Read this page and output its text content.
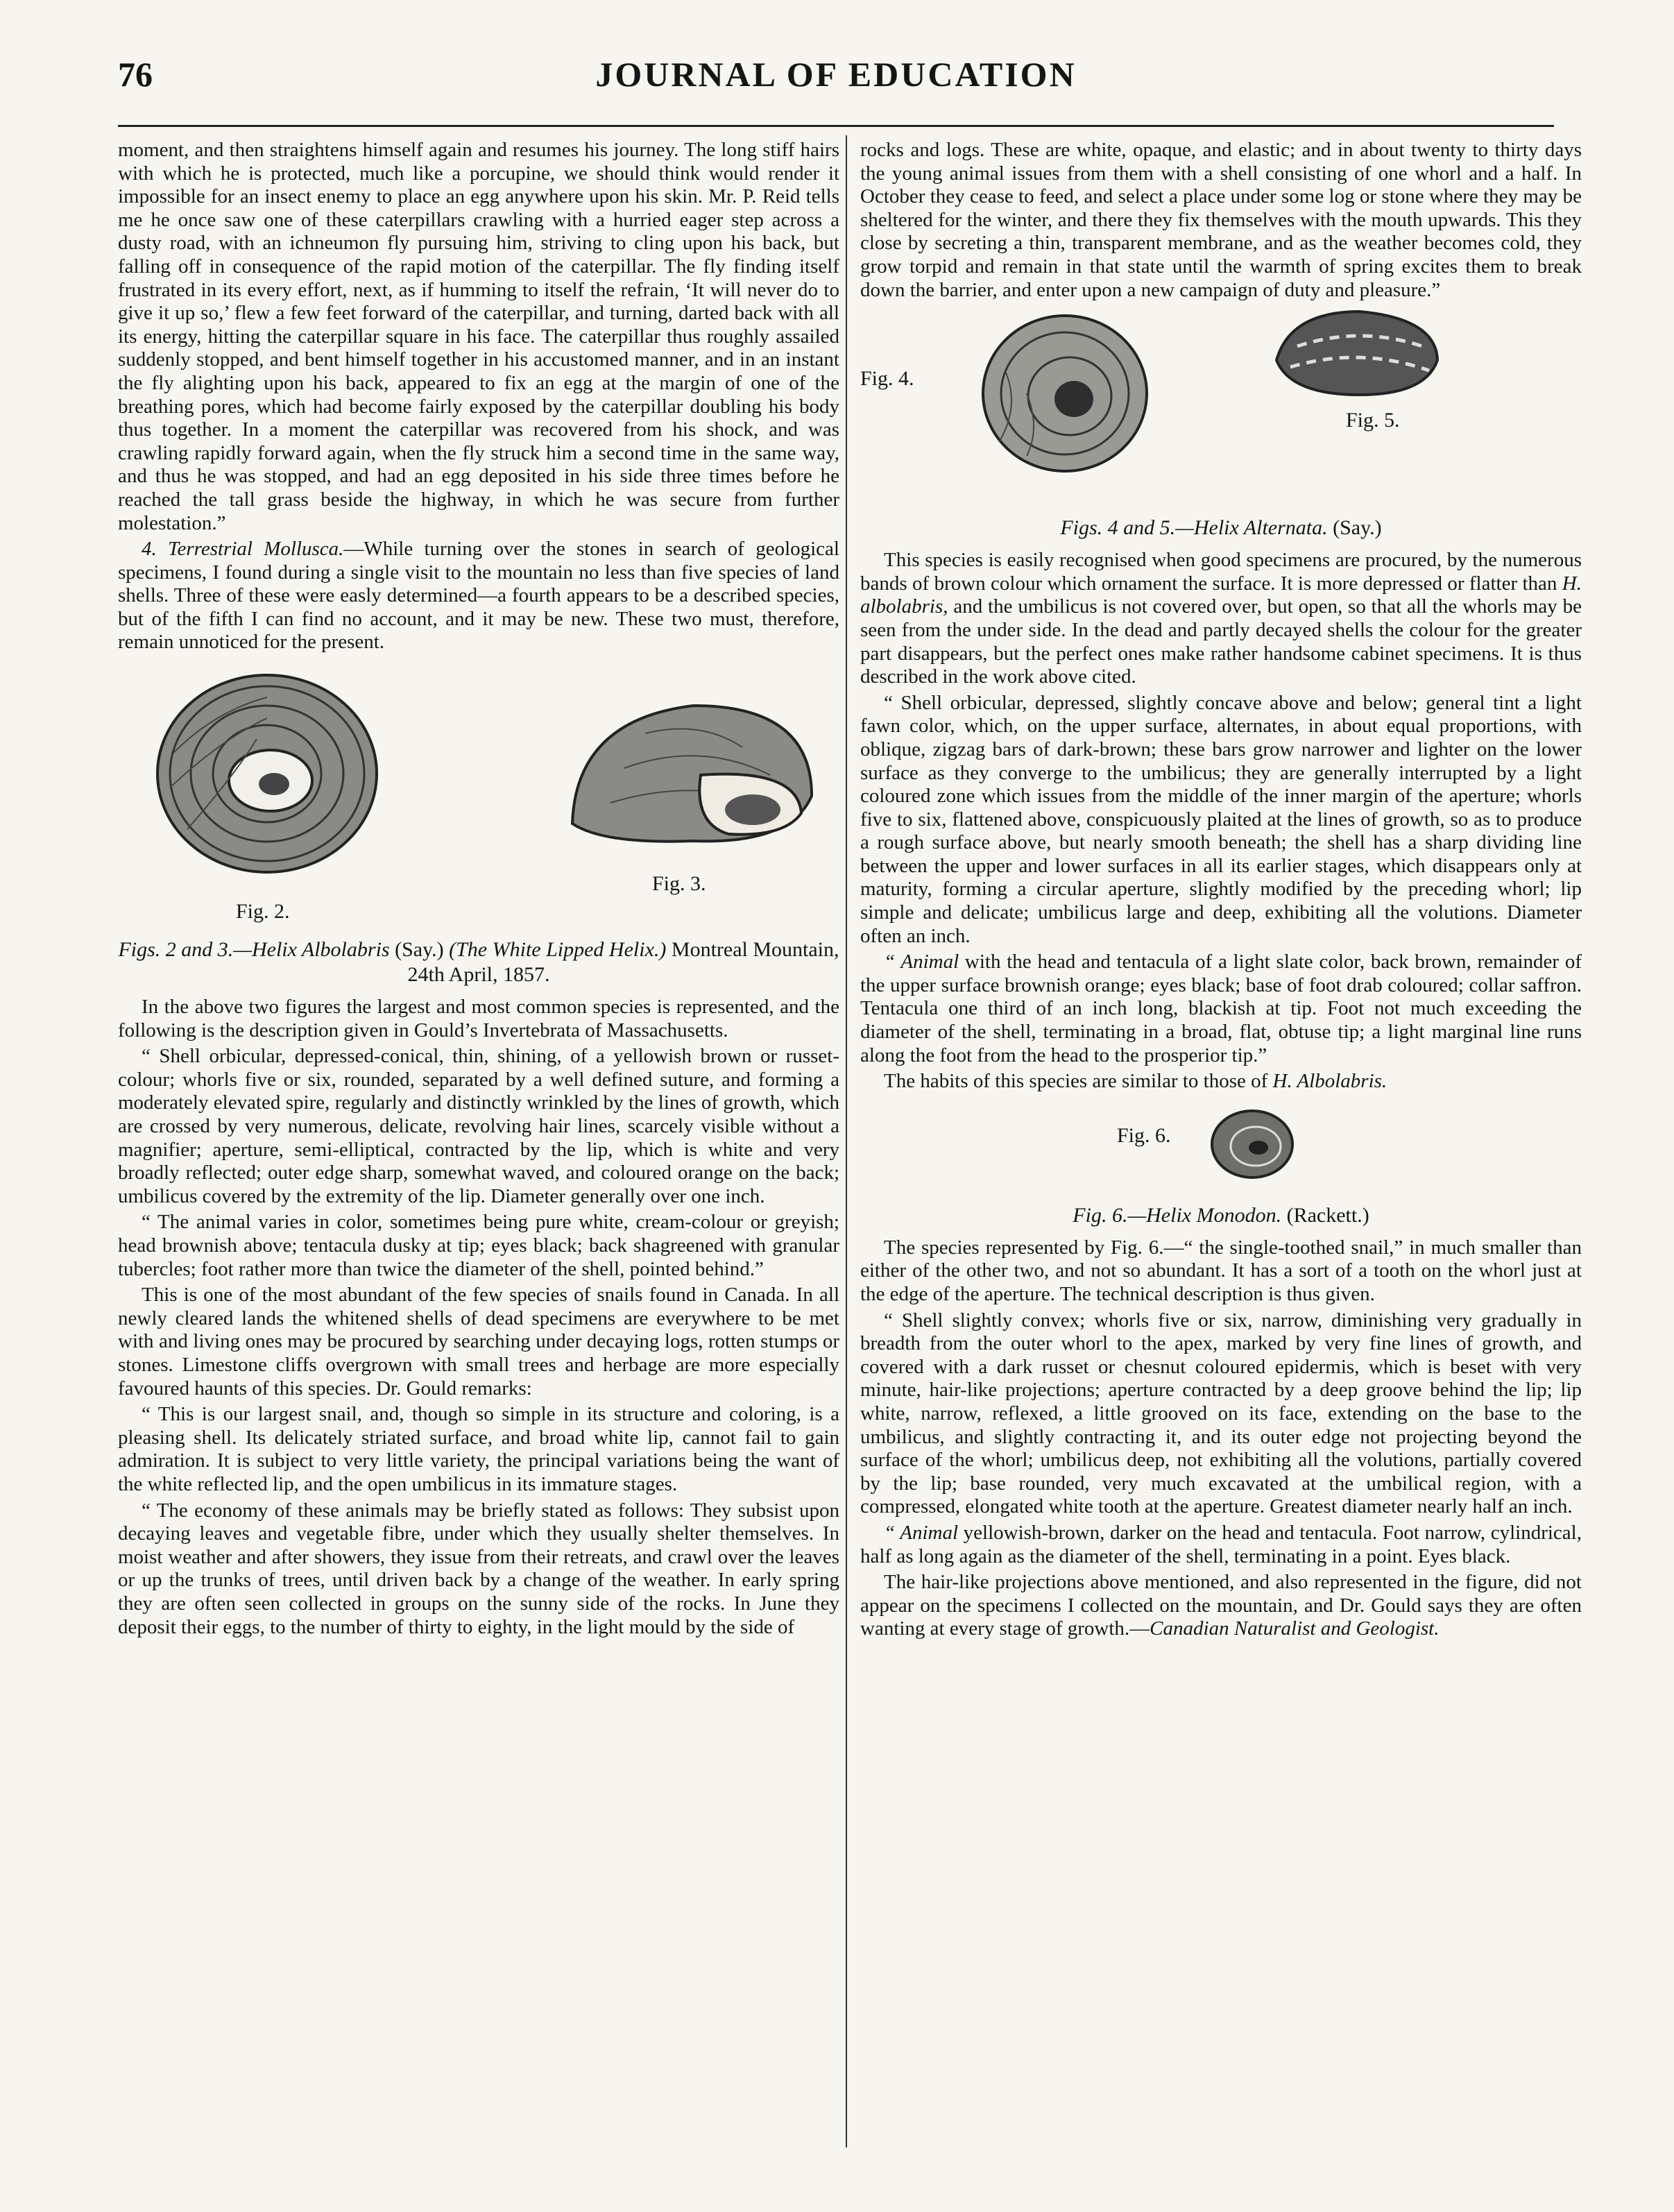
76	JOURNAL OF EDUCATION

moment, and then straightens himself again and resumes his journey. The long stiff hairs with which he is protected, much like a porcupine, we should think would render it impossible for an insect enemy to place an egg anywhere upon his skin. Mr. P. Reid tells me he once saw one of these caterpillars crawling with a hurried eager step across a dusty road, with an ichneumon fly pursuing him, striving to cling upon his back, but falling off in consequence of the rapid motion of the caterpillar. The fly finding itself frustrated in its every effort, next, as if humming to itself the refrain, ‘It will never do to give it up so,’ flew a few feet forward of the caterpillar, and turning, darted back with all its energy, hitting the caterpillar square in his face. The caterpillar thus roughly assailed suddenly stopped, and bent himself together in his accustomed manner, and in an instant the fly alighting upon his back, appeared to fix an egg at the margin of one of the breathing pores, which had become fairly exposed by the caterpillar doubling his body thus together. In a moment the caterpillar was recovered from his shock, and was crawling rapidly forward again, when the fly struck him a second time in the same way, and thus he was stopped, and had an egg deposited in his side three times before he reached the tall grass beside the highway, in which he was secure from further molestation.”

4. Terrestrial Mollusca.—While turning over the stones in search of geological specimens, I found during a single visit to the mountain no less than five species of land shells. Three of these were easly determined—a fourth appears to be a described species, but of the fifth I can find no account, and it may be new. These two must, therefore, remain unnoticed for the present.

Fig. 3.
Fig. 2.

Figs. 2 and 3.—Helix Albolabris (Say.) (The White Lipped Helix.) Montreal Mountain, 24th April, 1857.

In the above two figures the largest and most common species is represented, and the following is the description given in Gould’s Invertebrata of Massachusetts.

“ Shell orbicular, depressed-conical, thin, shining, of a yellowish brown or russet-colour; whorls five or six, rounded, separated by a well defined suture, and forming a moderately elevated spire, regularly and distinctly wrinkled by the lines of growth, which are crossed by very numerous, delicate, revolving hair lines, scarcely visible without a magnifier; aperture, semi-elliptical, contracted by the lip, which is white and very broadly reflected; outer edge sharp, somewhat waved, and coloured orange on the back; umbilicus covered by the extremity of the lip. Diameter generally over one inch.

“ The animal varies in color, sometimes being pure white, cream-colour or greyish; head brownish above; tentacula dusky at tip; eyes black; back shagreened with granular tubercles; foot rather more than twice the diameter of the shell, pointed behind.”

This is one of the most abundant of the few species of snails found in Canada. In all newly cleared lands the whitened shells of dead specimens are everywhere to be met with and living ones may be procured by searching under decaying logs, rotten stumps or stones. Limestone cliffs overgrown with small trees and herbage are more especially favoured haunts of this species. Dr. Gould remarks:

“ This is our largest snail, and, though so simple in its structure and coloring, is a pleasing shell. Its delicately striated surface, and broad white lip, cannot fail to gain admiration. It is subject to very little variety, the principal variations being the want of the white reflected lip, and the open umbilicus in its immature stages.

“ The economy of these animals may be briefly stated as follows: They subsist upon decaying leaves and vegetable fibre, under which they usually shelter themselves. In moist weather and after showers, they issue from their retreats, and crawl over the leaves or up the trunks of trees, until driven back by a change of the weather. In early spring they are often seen collected in groups on the sunny side of the rocks. In June they deposit their eggs, to the number of thirty to eighty, in the light mould by the side of

rocks and logs. These are white, opaque, and elastic; and in about twenty to thirty days the young animal issues from them with a shell consisting of one whorl and a half. In October they cease to feed, and select a place under some log or stone where they may be sheltered for the winter, and there they fix themselves with the mouth upwards. This they close by secreting a thin, transparent membrane, and as the weather becomes cold, they grow torpid and remain in that state until the warmth of spring excites them to break down the barrier, and enter upon a new campaign of duty and pleasure.”

Fig. 4.
Fig. 5.

Figs. 4 and 5.—Helix Alternata. (Say.)

This species is easily recognised when good specimens are procured, by the numerous bands of brown colour which ornament the surface. It is more depressed or flatter than H. albolabris, and the umbilicus is not covered over, but open, so that all the whorls may be seen from the under side. In the dead and partly decayed shells the colour for the greater part disappears, but the perfect ones make rather handsome cabinet specimens. It is thus described in the work above cited.

“ Shell orbicular, depressed, slightly concave above and below; general tint a light fawn color, which, on the upper surface, alternates, in about equal proportions, with oblique, zigzag bars of dark-brown; these bars grow narrower and lighter on the lower surface as they converge to the umbilicus; they are generally interrupted by a light coloured zone which issues from the middle of the inner margin of the aperture; whorls five to six, flattened above, conspicuously plaited at the lines of growth, so as to produce a rough surface above, but nearly smooth beneath; the shell has a sharp dividing line between the upper and lower surfaces in all its earlier stages, which disappears only at maturity, forming a circular aperture, slightly modified by the preceding whorl; lip simple and delicate; umbilicus large and deep, exhibiting all the volutions. Diameter often an inch.

“ Animal with the head and tentacula of a light slate color, back brown, remainder of the upper surface brownish orange; eyes black; base of foot drab coloured; collar saffron. Tentacula one third of an inch long, blackish at tip. Foot not much exceeding the diameter of the shell, terminating in a broad, flat, obtuse tip; a light marginal line runs along the foot from the head to the prosperior tip.”

The habits of this species are similar to those of H. Albolabris.

Fig. 6.

Fig. 6.—Helix Monodon. (Rackett.)

The species represented by Fig. 6.—“ the single-toothed snail,” in much smaller than either of the other two, and not so abundant. It has a sort of a tooth on the whorl just at the edge of the aperture. The technical description is thus given.

“ Shell slightly convex; whorls five or six, narrow, diminishing very gradually in breadth from the outer whorl to the apex, marked by very fine lines of growth, and covered with a dark russet or chesnut coloured epidermis, which is beset with very minute, hair-like projections; aperture contracted by a deep groove behind the lip; lip white, narrow, reflexed, a little grooved on its face, extending on the base to the umbilicus, and slightly contracting it, and its outer edge not projecting beyond the surface of the whorl; umbilicus deep, not exhibiting all the volutions, partially covered by the lip; base rounded, very much excavated at the umbilical region, with a compressed, elongated white tooth at the aperture. Greatest diameter nearly half an inch.

“ Animal yellowish-brown, darker on the head and tentacula. Foot narrow, cylindrical, half as long again as the diameter of the shell, terminating in a point. Eyes black.

The hair-like projections above mentioned, and also represented in the figure, did not appear on the specimens I collected on the mountain, and Dr. Gould says they are often wanting at every stage of growth.—Canadian Naturalist and Geologist.
